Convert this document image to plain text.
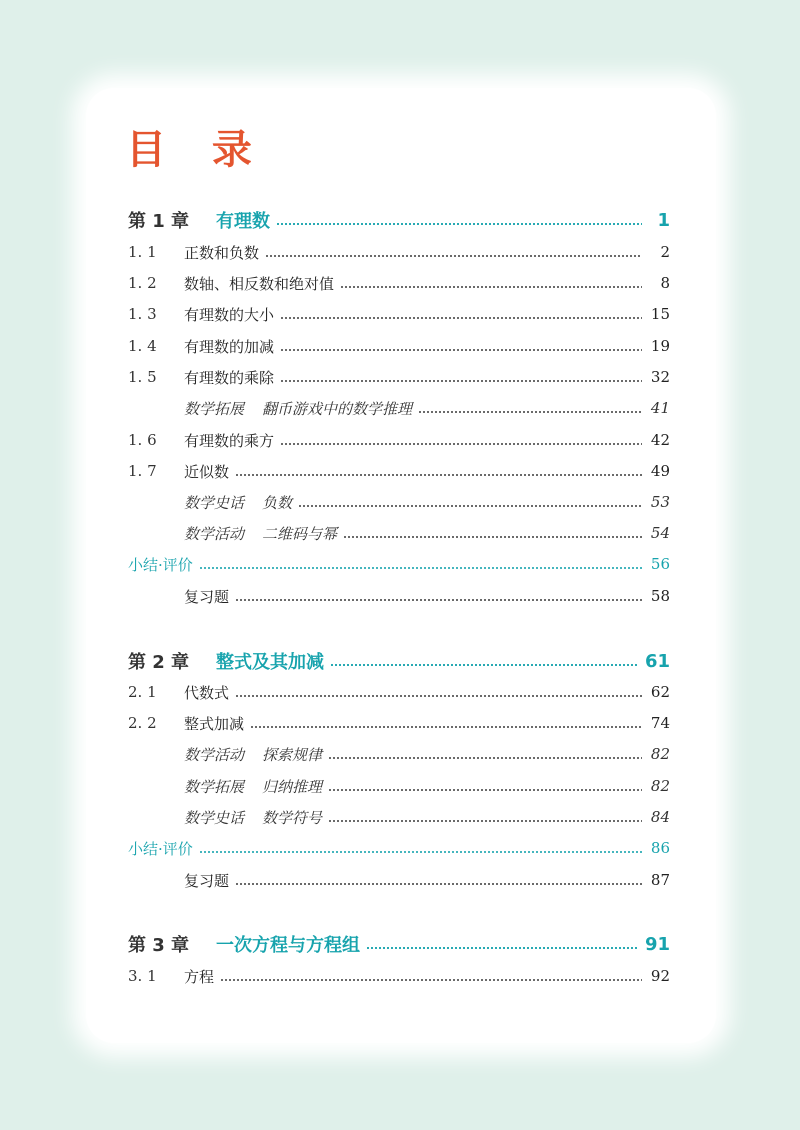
目 录
第 1 章	有理数	1
1. 1	正数和负数	2
1. 2	数轴、相反数和绝对值	8
1. 3	有理数的大小	15
1. 4	有理数的加减	19
1. 5	有理数的乘除	32
数学拓展 翻币游戏中的数学推理	41
1. 6	有理数的乘方	42
1. 7	近似数	49
数学史话 负数	53
数学活动 二维码与幂	54
小结·评价	56
复习题	58
第 2 章	整式及其加减	61
2. 1	代数式	62
2. 2	整式加减	74
数学活动 探索规律	82
数学拓展 归纳推理	82
数学史话 数学符号	84
小结·评价	86
复习题	87
第 3 章	一次方程与方程组	91
3. 1	方程	92
